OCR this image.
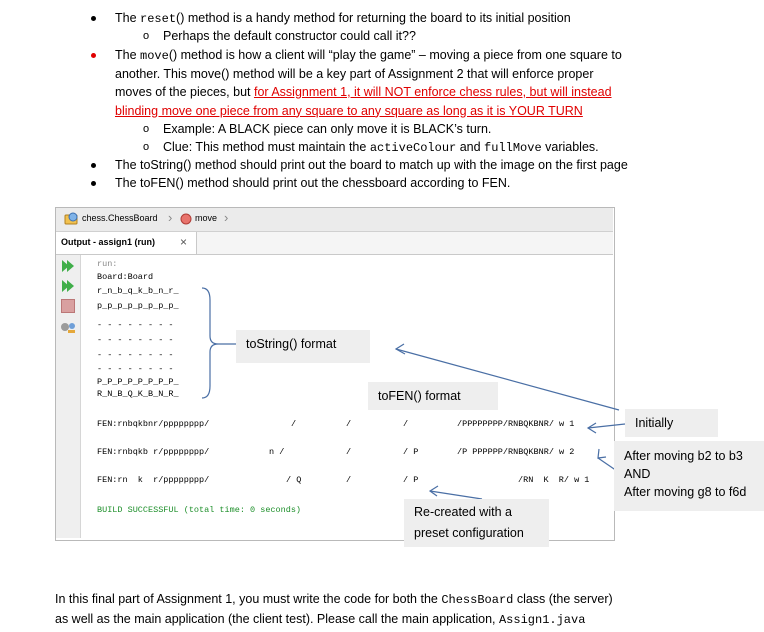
The reset() method is a handy method for returning the board to its initial position
o Perhaps the default constructor could call it??
The move() method is how a client will “play the game” – moving a piece from one square to
another. This move() method will be a key part of Assignment 2 that will enforce proper
moves of the pieces, but for Assignment 1, it will NOT enforce chess rules, but will instead
blinding move one piece from any square to any square as long as it is YOUR TURN
o Example: A BLACK piece can only move it is BLACK’s turn.
o Clue: This method must maintain the activeColour and fullMove variables.
The toString() method should print out the board to match up with the image on the first page
The toFEN() method should print out the chessboard according to FEN.
chess.ChessBoard ›	move ›
Output - assign1 (run) ×
run:
Board:Board
r_n_b_q_k_b_n_r_
p_p_p_p_p_p_p_p_
- - - - - - - -
- - - - - - - -
- - - - - - - -
- - - - - - - -
P_P_P_P_P_P_P_P_
R_N_B_Q_K_B_N_R_
FEN:rnbqkbnr/pppppppp/	/	/	/	/PPPPPPPP/RNBQKBNR/ w 1
FEN:rnbqkb r/pppppppp/	n /	/	/ P	/P PPPPPP/RNBQKBNR/ w 2
FEN:rn  k  r/pppppppp/	/ Q	/	/ P	/RN  K  R/ w 1
BUILD SUCCESSFUL (total time: 0 seconds)
toString() format
toFEN() format
Initially
After moving b2 to b3
AND
After moving g8 to f6d
Re-created with a
preset configuration
In this final part of Assignment 1, you must write the code for both the ChessBoard class (the server)
as well as the main application (the client test). Please call the main application, Assign1.java
